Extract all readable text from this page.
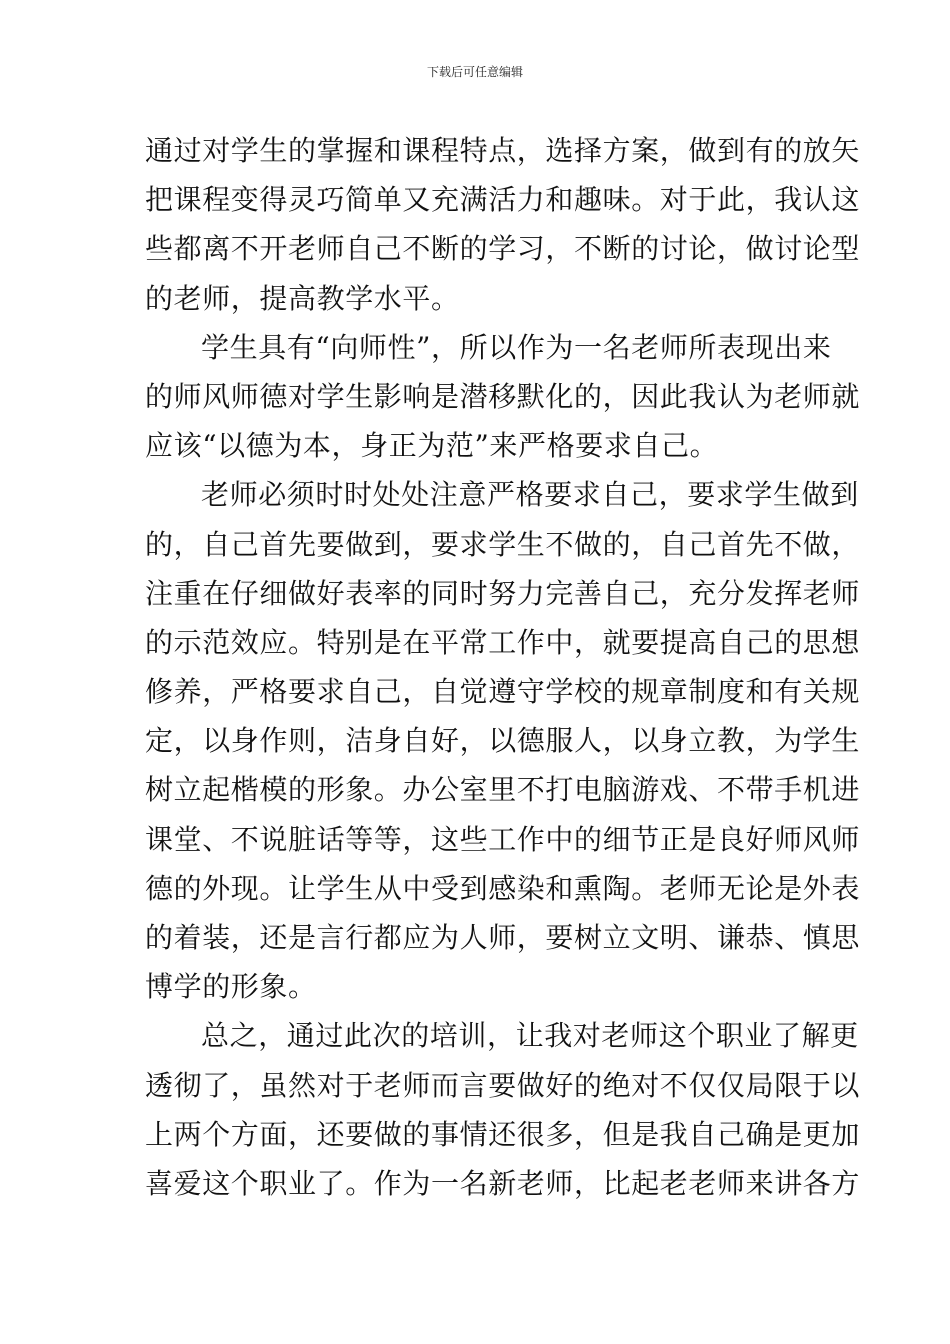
下载后可任意编辑
通过对学生的掌握和课程特点，选择方案，做到有的放矢
把课程变得灵巧简单又充满活力和趣味。对于此，我认这
些都离不开老师自己不断的学习，不断的讨论，做讨论型
的老师，提高教学水平。
学生具有“向师性”，所以作为一名老师所表现出来
的师风师德对学生影响是潜移默化的，因此我认为老师就
应该“以德为本，身正为范”来严格要求自己。
老师必须时时处处注意严格要求自己，要求学生做到
的，自己首先要做到，要求学生不做的，自己首先不做，
注重在仔细做好表率的同时努力完善自己，充分发挥老师
的示范效应。特别是在平常工作中，就要提高自己的思想
修养，严格要求自己，自觉遵守学校的规章制度和有关规
定，以身作则，洁身自好，以德服人，以身立教，为学生
树立起楷模的形象。办公室里不打电脑游戏、不带手机进
课堂、不说脏话等等，这些工作中的细节正是良好师风师
德的外现。让学生从中受到感染和熏陶。老师无论是外表
的着装，还是言行都应为人师，要树立文明、谦恭、慎思
博学的形象。
总之，通过此次的培训，让我对老师这个职业了解更
透彻了，虽然对于老师而言要做好的绝对不仅仅局限于以
上两个方面，还要做的事情还很多，但是我自己确是更加
喜爱这个职业了。作为一名新老师，比起老老师来讲各方
